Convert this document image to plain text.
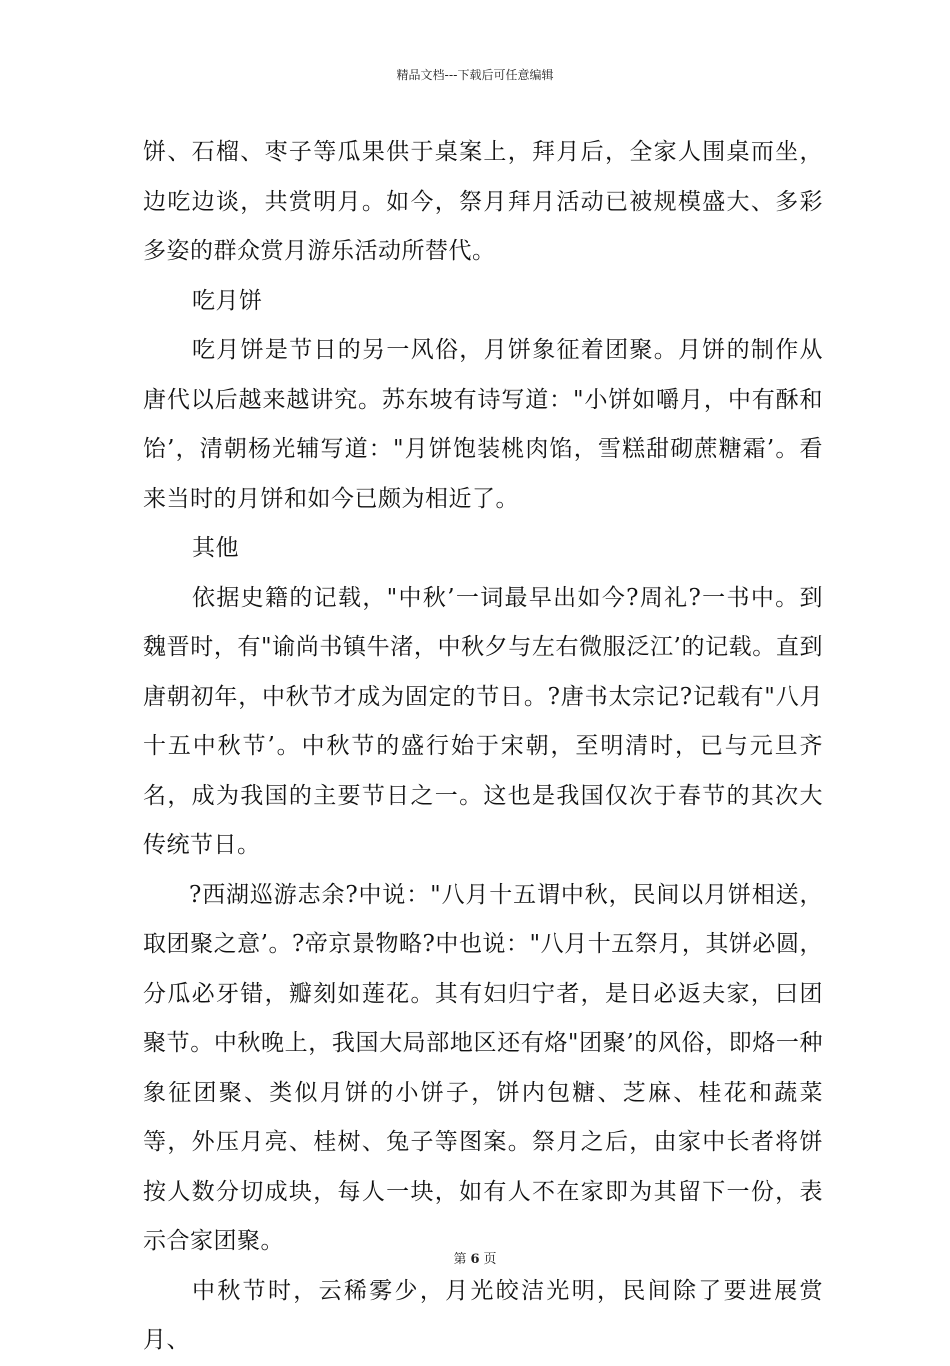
精品文档---下载后可任意编辑

饼、石榴、枣子等瓜果供于桌案上，拜月后，全家人围桌而坐，边吃边谈，共赏明月。如今，祭月拜月活动已被规模盛大、多彩多姿的群众赏月游乐活动所替代。

吃月饼

吃月饼是节日的另一风俗，月饼象征着团聚。月饼的制作从唐代以后越来越讲究。苏东坡有诗写道："小饼如嚼月，中有酥和饴’，清朝杨光辅写道："月饼饱装桃肉馅，雪糕甜砌蔗糖霜’。看来当时的月饼和如今已颇为相近了。

其他

依据史籍的记载，"中秋’一词最早出如今?周礼?一书中。到魏晋时，有"谕尚书镇牛渚，中秋夕与左右微服泛江’的记载。直到唐朝初年，中秋节才成为固定的节日。?唐书太宗记?记载有"八月十五中秋节’。中秋节的盛行始于宋朝，至明清时，已与元旦齐名，成为我国的主要节日之一。这也是我国仅次于春节的其次大传统节日。

?西湖巡游志余?中说："八月十五谓中秋，民间以月饼相送，取团聚之意’。?帝京景物略?中也说："八月十五祭月，其饼必圆，分瓜必牙错，瓣刻如莲花。其有妇归宁者，是日必返夫家，曰团聚节。中秋晚上，我国大局部地区还有烙"团聚’的风俗，即烙一种象征团聚、类似月饼的小饼子，饼内包糖、芝麻、桂花和蔬菜等，外压月亮、桂树、兔子等图案。祭月之后，由家中长者将饼按人数分切成块，每人一块，如有人不在家即为其留下一份，表示合家团聚。

中秋节时，云稀雾少，月光皎洁光明，民间除了要进展赏月、

第 6 页
